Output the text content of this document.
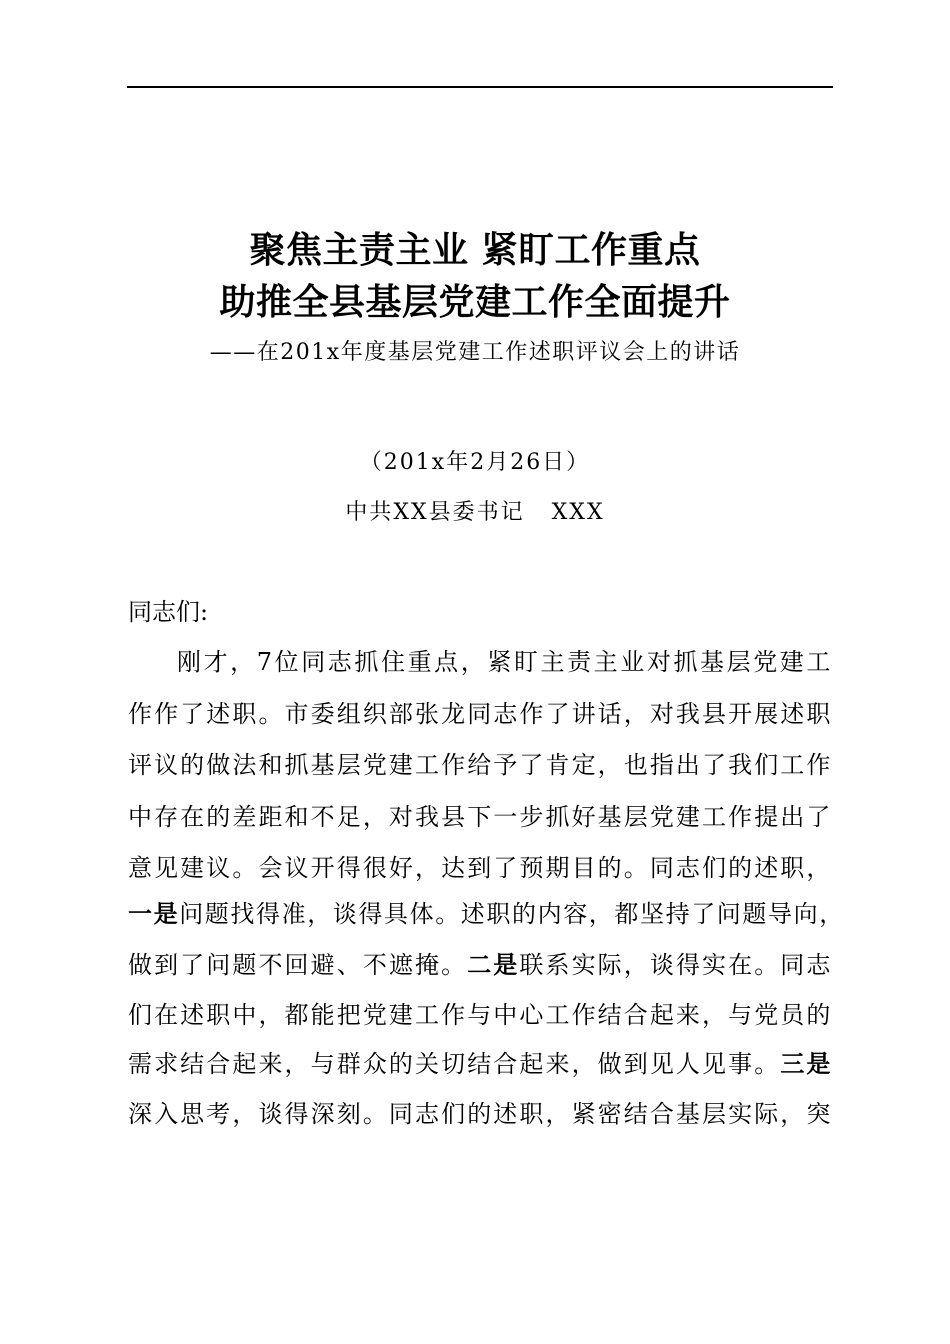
聚焦主责主业 紧盯工作重点
助推全县基层党建工作全面提升
——在201x年度基层党建工作述职评议会上的讲话
（201x年2月26日）
中共XX县委书记   XXX
同志们:
刚才，7位同志抓住重点，紧盯主责主业对抓基层党建工
作作了述职。市委组织部张龙同志作了讲话，对我县开展述职
评议的做法和抓基层党建工作给予了肯定，也指出了我们工作
中存在的差距和不足，对我县下一步抓好基层党建工作提出了
意见建议。会议开得很好，达到了预期目的。同志们的述职，
一是问题找得准，谈得具体。述职的内容，都坚持了问题导向，
做到了问题不回避、不遮掩。二是联系实际，谈得实在。同志
们在述职中，都能把党建工作与中心工作结合起来，与党员的
需求结合起来，与群众的关切结合起来，做到见人见事。三是
深入思考，谈得深刻。同志们的述职，紧密结合基层实际，突
